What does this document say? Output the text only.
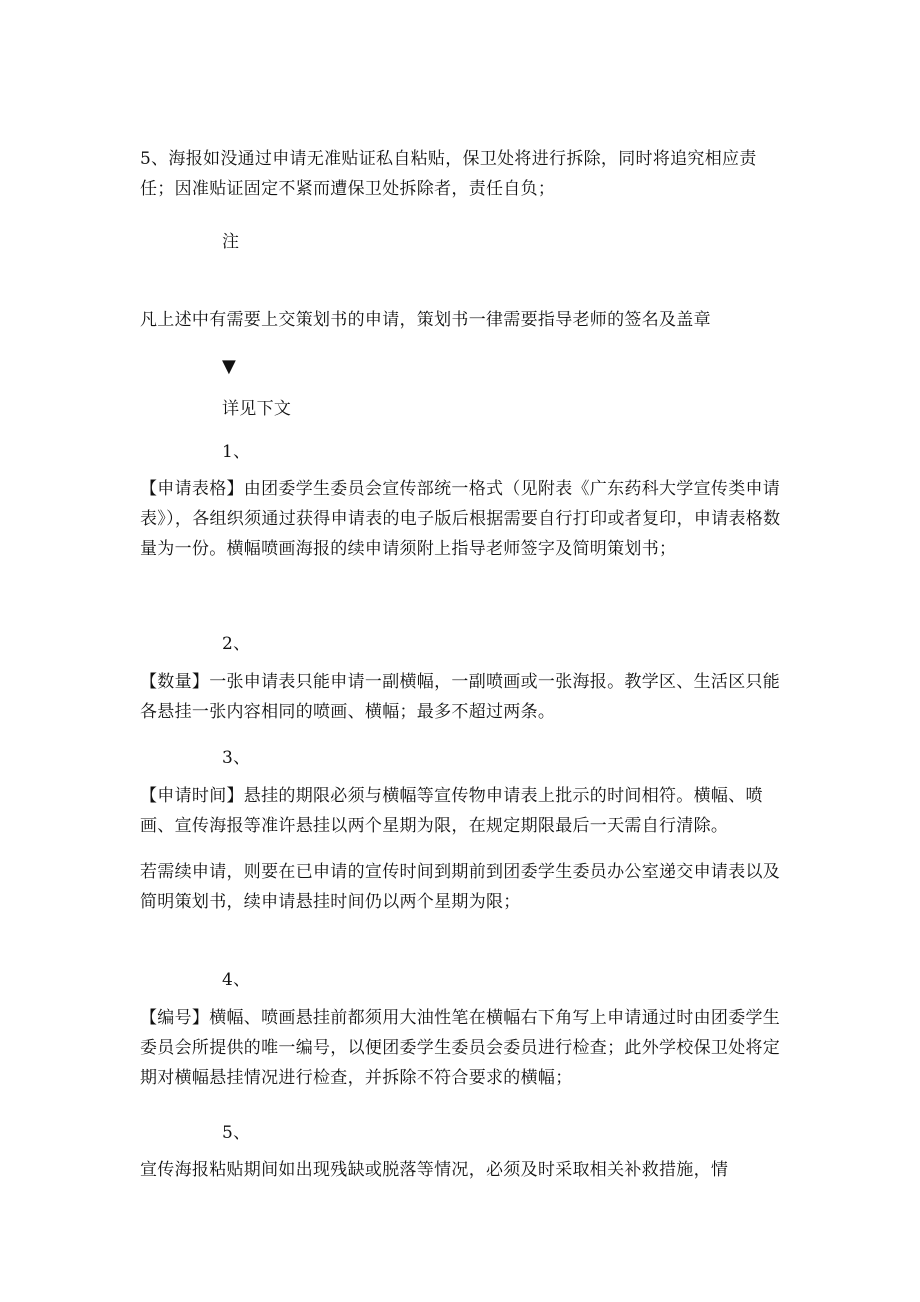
5、海报如没通过申请无准贴证私自粘贴，保卫处将进行拆除，同时将追究相应责任；因准贴证固定不紧而遭保卫处拆除者，责任自负；
注
凡上述中有需要上交策划书的申请，策划书一律需要指导老师的签名及盖章
▼
详见下文
1、
【申请表格】由团委学生委员会宣传部统一格式（见附表《广东药科大学宣传类申请表》），各组织须通过获得申请表的电子版后根据需要自行打印或者复印，申请表格数量为一份。横幅喷画海报的续申请须附上指导老师签字及简明策划书；
2、
【数量】一张申请表只能申请一副横幅，一副喷画或一张海报。教学区、生活区只能各悬挂一张内容相同的喷画、横幅；最多不超过两条。
3、
【申请时间】悬挂的期限必须与横幅等宣传物申请表上批示的时间相符。横幅、喷画、宣传海报等准许悬挂以两个星期为限，在规定期限最后一天需自行清除。
若需续申请，则要在已申请的宣传时间到期前到团委学生委员办公室递交申请表以及简明策划书，续申请悬挂时间仍以两个星期为限；
4、
【编号】横幅、喷画悬挂前都须用大油性笔在横幅右下角写上申请通过时由团委学生委员会所提供的唯一编号，以便团委学生委员会委员进行检查；此外学校保卫处将定期对横幅悬挂情况进行检查，并拆除不符合要求的横幅；
5、
宣传海报粘贴期间如出现残缺或脱落等情况，必须及时采取相关补救措施，情
